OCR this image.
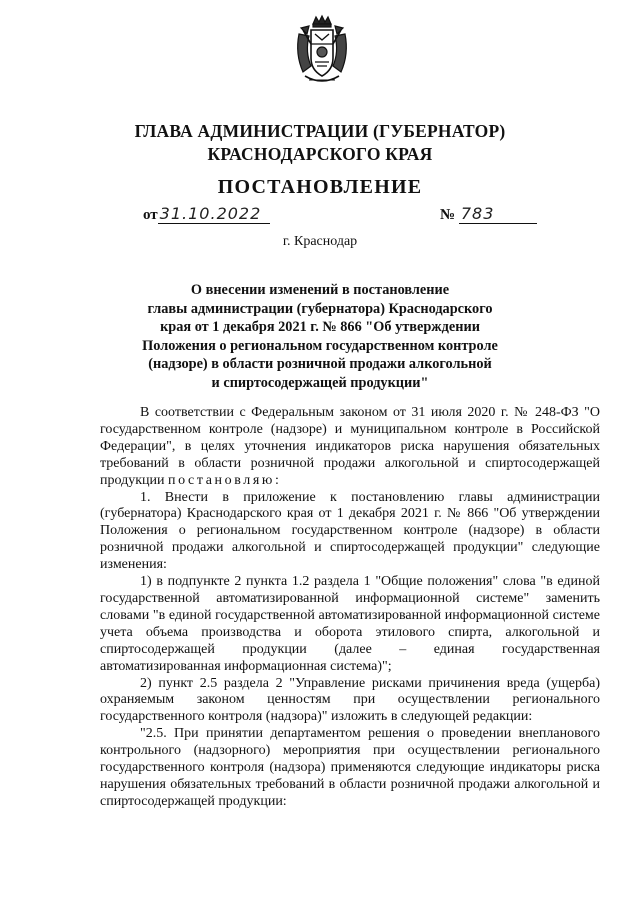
ГЛАВА АДМИНИСТРАЦИИ (ГУБЕРНАТОР)
КРАСНОДАРСКОГО КРАЯ
ПОСТАНОВЛЕНИЕ
от 31.10.2022	№ 783
г. Краснодар
О внесении изменений в постановление
главы администрации (губернатора) Краснодарского
края от 1 декабря 2021 г. № 866 "Об утверждении
Положения о региональном государственном контроле
(надзоре) в области розничной продажи алкогольной
и спиртосодержащей продукции"

В соответствии с Федеральным законом от 31 июля 2020 г. № 248-ФЗ "О государственном контроле (надзоре) и муниципальном контроле в Российской Федерации", в целях уточнения индикаторов риска нарушения обязательных требований в области розничной продажи алкогольной и спиртосодержащей продукции постановляю:

1. Внести в приложение к постановлению главы администрации (губернатора) Краснодарского края от 1 декабря 2021 г. № 866 "Об утверждении Положения о региональном государственном контроле (надзоре) в области розничной продажи алкогольной и спиртосодержащей продукции" следующие изменения:

1) в подпункте 2 пункта 1.2 раздела 1 "Общие положения" слова "в единой государственной автоматизированной информационной системе" заменить словами "в единой государственной автоматизированной информационной системе учета объема производства и оборота этилового спирта, алкогольной и спиртосодержащей продукции (далее – единая государственная автоматизированная информационная система)";

2) пункт 2.5 раздела 2 "Управление рисками причинения вреда (ущерба) охраняемым законом ценностям при осуществлении регионального государственного контроля (надзора)" изложить в следующей редакции:

"2.5. При принятии департаментом решения о проведении внепланового контрольного (надзорного) мероприятия при осуществлении регионального государственного контроля (надзора) применяются следующие индикаторы риска нарушения обязательных требований в области розничной продажи алкогольной и спиртосодержащей продукции:
